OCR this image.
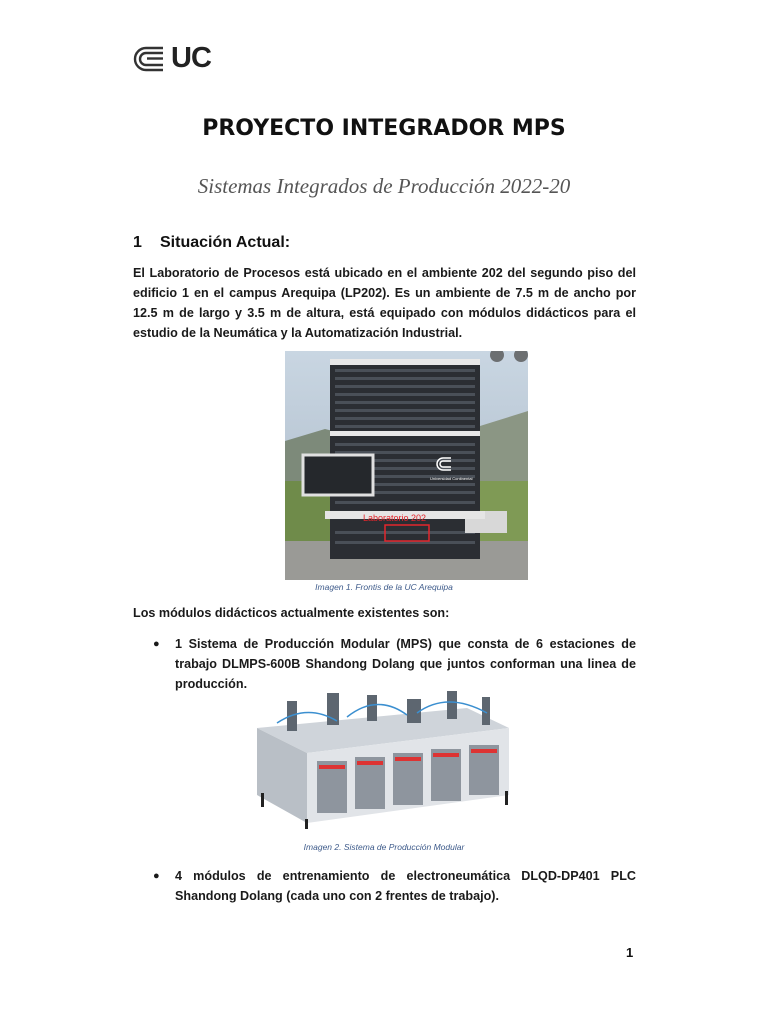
UC
PROYECTO INTEGRADOR MPS
Sistemas Integrados de Producción 2022-20
1	Situación Actual:
El Laboratorio de Procesos está ubicado en el ambiente 202 del segundo piso del edificio 1 en el campus Arequipa (LP202). Es un ambiente de 7.5 m de ancho por 12.5 m de largo y 3.5 m de altura, está equipado con módulos didácticos para el estudio de la Neumática y la Automatización Industrial.
Universidad Continental
Laboratorio 202
Imagen 1. Frontis de la UC Arequipa
Los módulos didácticos actualmente existentes son:
●	1 Sistema de Producción Modular (MPS) que consta de 6 estaciones de trabajo DLMPS-600B Shandong Dolang que juntos conforman una linea de producción.
Imagen 2. Sistema de Producción Modular
●	4 módulos de entrenamiento de electroneumática DLQD-DP401 PLC Shandong Dolang (cada uno con 2 frentes de trabajo).
1
